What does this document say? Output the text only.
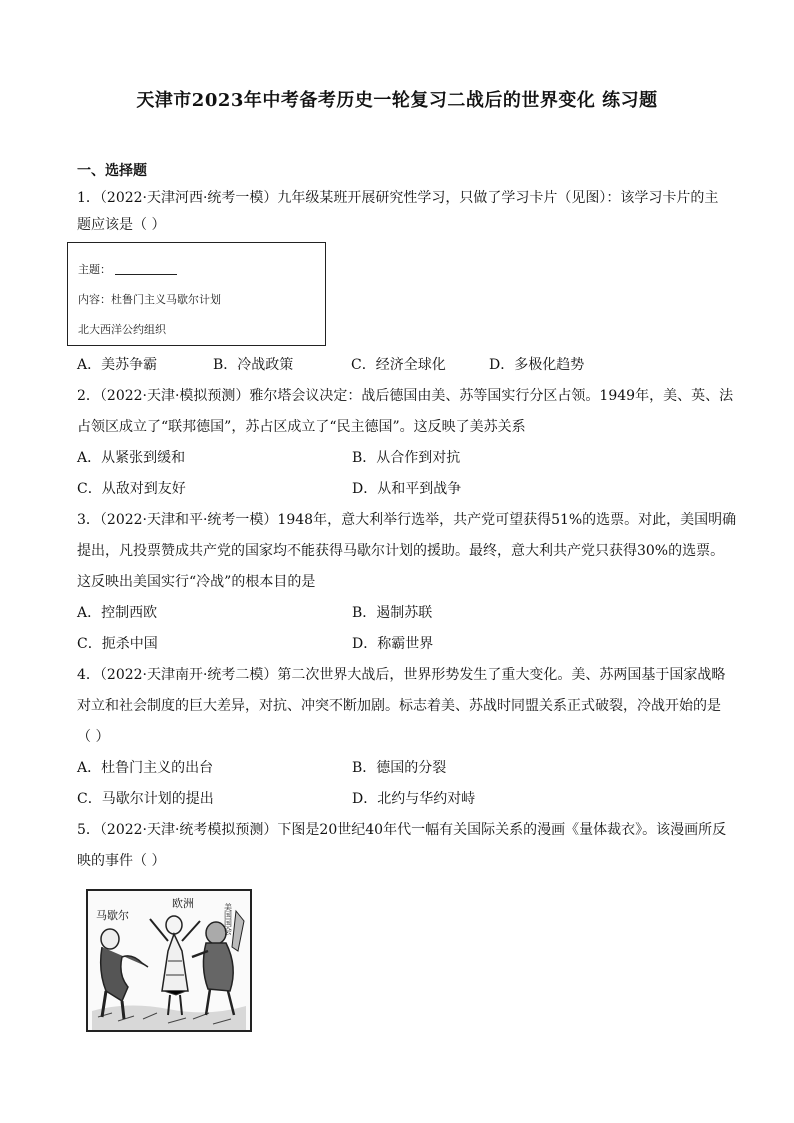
天津市2023年中考备考历史一轮复习二战后的世界变化 练习题
一、选择题
1．（2022·天津河西·统考一模）九年级某班开展研究性学习，只做了学习卡片（见图）：该学习卡片的主
题应该是（ ）
主题：
内容：杜鲁门主义马歇尔计划
北大西洋公约组织
A．美苏争霸	B．冷战政策	C．经济全球化	D．多极化趋势
2．（2022·天津·模拟预测）雅尔塔会议决定：战后德国由美、苏等国实行分区占领。1949年，美、英、法
占领区成立了“联邦德国”，苏占区成立了“民主德国”。这反映了美苏关系
A．从紧张到缓和	B．从合作到对抗
C．从敌对到友好	D．从和平到战争
3．（2022·天津和平·统考一模）1948年，意大利举行选举，共产党可望获得51%的选票。对此，美国明确
提出，凡投票赞成共产党的国家均不能获得马歇尔计划的援助。最终，意大利共产党只获得30%的选票。
这反映出美国实行“冷战”的根本目的是
A．控制西欧	B．遏制苏联
C．扼杀中国	D．称霸世界
4．（2022·天津南开·统考二模）第二次世界大战后，世界形势发生了重大变化。美、苏两国基于国家战略
对立和社会制度的巨大差异，对抗、冲突不断加剧。标志着美、苏战时同盟关系正式破裂，冷战开始的是
（ ）
A．杜鲁门主义的出台	B．德国的分裂
C．马歇尔计划的提出	D．北约与华约对峙
5．（2022·天津·统考模拟预测）下图是20世纪40年代一幅有关国际关系的漫画《量体裁衣》。该漫画所反
映的事件（ ）
马歇尔
欧洲	美国国会
